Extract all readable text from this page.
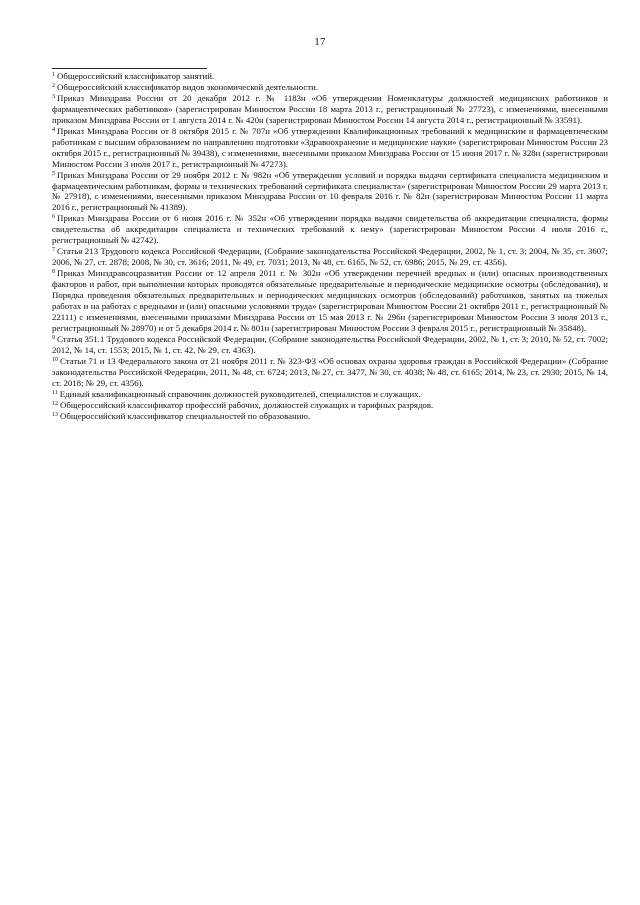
17

$^1$ Общероссийский классификатор занятий.

$^2$ Общероссийский классификатор видов экономической деятельности.

$^3$ Приказ Минздрава России от 20 декабря 2012 г. № 1183н «Об утверждении Номенклатуры должностей медицинских работников и фармацевтических работников» (зарегистрирован Минюстом России 18 марта 2013 г., регистрационный № 27723), с изменениями, внесенными приказом Минздрава России от 1 августа 2014 г. № 420н (зарегистрирован Минюстом России 14 августа 2014 г., регистрационный № 33591).

$^4$ Приказ Минздрава России от 8 октября 2015 г. № 707н «Об утверждении Квалификационных требований к медицинским и фармацевтическим работникам с высшим образованием по направлению подготовки «Здравоохранение и медицинские науки» (зарегистрирован Минюстом России 23 октября 2015 г., регистрационный № 39438), с изменениями, внесенными приказом Минздрава России от 15 июня 2017 г. № 328н (зарегистрирован Минюстом России 3 июля 2017 г., регистрационный № 47273).

$^5$ Приказ Минздрава России от 29 ноября 2012 г. № 982н «Об утверждении условий и порядка выдачи сертификата специалиста медицинским и фармацевтическим работникам, формы и технических требований сертификата специалиста» (зарегистрирован Минюстом России 29 марта 2013 г. № 27918), с изменениями, внесенными приказом Минздрава России от 10 февраля 2016 г. № 82н (зарегистрирован Минюстом России 11 марта 2016 г., регистрационный № 41389).

$^6$ Приказ Минздрава России от 6 июня 2016 г. № 352н «Об утверждении порядка выдачи свидетельства об аккредитации специалиста, формы свидетельства об аккредитации специалиста и технических требований к нему» (зарегистрирован Минюстом России 4 июля 2016 г., регистрационный № 42742).

$^7$ Статья 213 Трудового кодекса Российской Федерации, (Собрание законодательства Российской Федерации, 2002, № 1, ст. 3; 2004, № 35, ст. 3607; 2006, № 27, ст. 2878; 2008, № 30, ст. 3616; 2011, № 49, ст. 7031; 2013, № 48, ст. 6165, № 52, ст. 6986; 2015, № 29, ст. 4356).

$^8$ Приказ Минздравсоцразвития России от 12 апреля 2011 г. № 302н «Об утверждении перечней вредных и (или) опасных производственных факторов и работ, при выполнении которых проводятся обязательные предварительные и периодические медицинские осмотры (обследования), и Порядка проведения обязательных предварительных и периодических медицинских осмотров (обследований) работников, занятых на тяжелых работах и на работах с вредными и (или) опасными условиями труда» (зарегистрирован Минюстом России 21 октября 2011 г., регистрационный № 22111) с изменениями, внесенными приказами Минздрава России от 15 мая 2013 г. № 296н (зарегистрирован Минюстом России 3 июля 2013 г., регистрационный № 28970) и от 5 декабря 2014 г. № 801н (зарегистрирован Минюстом России 3 февраля 2015 г., регистрационный № 35848).

$^9$ Статья 351.1 Трудового кодекса Российской Федерации, (Собрание законодательства Российской Федерации, 2002, № 1, ст. 3; 2010, № 52, ст. 7002; 2012, № 14, ст. 1553; 2015, № 1, ст. 42, № 29, ст. 4363).

$^{10}$ Статьи 71 и 13 Федерального закона от 21 ноября 2011 г. № 323-ФЗ «Об основах охраны здоровья граждан в Российской Федерации» (Собрание законодательства Российской Федерации, 2011, № 48, ст. 6724; 2013, № 27, ст. 3477, № 30, ст. 4038; № 48, ст. 6165; 2014, № 23, ст. 2930; 2015, № 14, ст. 2018; № 29, ст. 4356).

$^{11}$ Единый квалификационный справочник должностей руководителей, специалистов и служащих.

$^{12}$ Общероссийский классификатор профессий рабочих, должностей служащих и тарифных разрядов.

$^{13}$ Общероссийский классификатор специальностей по образованию.
